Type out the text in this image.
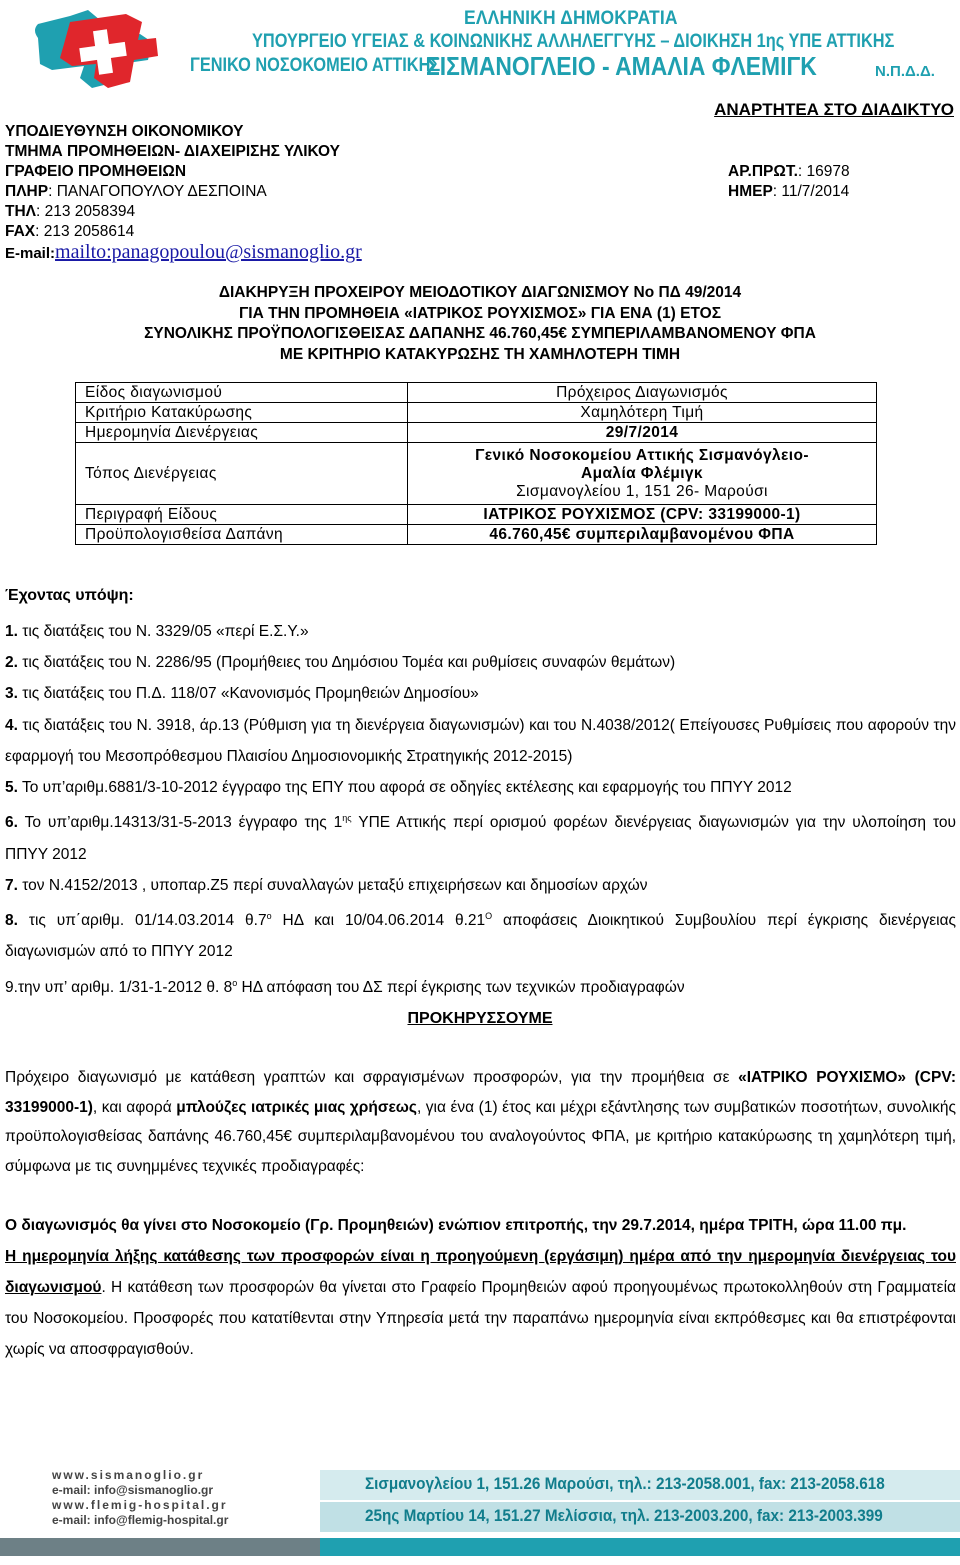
ΕΛΛΗΝΙΚΗ ΔΗΜΟΚΡΑΤΙΑ
ΥΠΟΥΡΓΕΙΟ ΥΓΕΙΑΣ & ΚΟΙΝΩΝΙΚΗΣ ΑΛΛΗΛΕΓΓΥΗΣ – ΔΙΟΙΚΗΣΗ 1ης ΥΠΕ ΑΤΤΙΚΗΣ
ΓΕΝΙΚΟ ΝΟΣΟΚΟΜΕΙΟ ΑΤΤΙΚΗΣ
ΣΙΣΜΑΝΟΓΛΕΙΟ - ΑΜΑΛΙΑ ΦΛΕΜΙΓΚ	Ν.Π.Δ.Δ.
ΑΝΑΡΤΗΤΕΑ ΣΤΟ ΔΙΑΔΙΚΤΥΟ
ΥΠΟΔΙΕΥΘΥΝΣΗ ΟΙΚΟΝΟΜΙΚΟΥ
ΤΜΗΜΑ ΠΡΟΜΗΘΕΙΩΝ- ΔΙΑΧΕΙΡΙΣΗΣ ΥΛΙΚΟΥ
ΓΡΑΦΕΙΟ ΠΡΟΜΗΘΕΙΩΝ
ΠΛΗΡ: ΠΑΝΑΓΟΠΟΥΛΟΥ ΔΕΣΠΟΙΝΑ
ΤΗΛ: 213 2058394
FAX: 213 2058614
E-mail:mailto:panagopoulou@sismanoglio.gr
ΑΡ.ΠΡΩΤ.: 16978
ΗΜΕΡ: 11/7/2014
ΔΙΑΚΗΡΥΞΗ ΠΡΟΧΕΙΡΟΥ ΜΕΙΟΔΟΤΙΚΟΥ ΔΙΑΓΩΝΙΣΜΟΥ Νο ΠΔ 49/2014
ΓΙΑ ΤΗΝ ΠΡΟΜΗΘΕΙΑ «ΙΑΤΡΙΚΟΣ ΡΟΥΧΙΣΜΟΣ» ΓΙΑ ΕΝΑ (1) ΕΤΟΣ
ΣΥΝΟΛΙΚΗΣ ΠΡΟΫΠΟΛΟΓΙΣΘΕΙΣΑΣ ΔΑΠΑΝΗΣ 46.760,45€ ΣΥΜΠΕΡΙΛΑΜΒΑΝΟΜΕΝΟΥ ΦΠΑ
ΜΕ ΚΡΙΤΗΡΙΟ ΚΑΤΑΚΥΡΩΣΗΣ ΤΗ ΧΑΜΗΛΟΤΕΡΗ ΤΙΜΗ
Είδος διαγωνισμού	Πρόχειρος Διαγωνισμός
Κριτήριο Κατακύρωσης	Χαμηλότερη Τιμή
Ημερομηνία Διενέργειας	29/7/2014
Τόπος Διενέργειας	Γενικό Νοσοκομείου Αττικής Σισμανόγλειο- Αμαλία Φλέμιγκ
Σισμανογλείου 1, 151 26- Μαρούσι

Περιγραφή Είδους	ΙΑΤΡΙΚΟΣ ΡΟΥΧΙΣΜΟΣ (CPV: 33199000-1)
Προϋπολογισθείσα Δαπάνη	46.760,45€ συμπεριλαμβανομένου ΦΠΑ
Έχοντας υπόψη:

1. τις διατάξεις του Ν. 3329/05 «περί Ε.Σ.Υ.»

2. τις διατάξεις του Ν. 2286/95 (Προμήθειες του Δημόσιου Τομέα και ρυθμίσεις συναφών θεμάτων)

3. τις διατάξεις του Π.Δ. 118/07 «Κανονισμός Προμηθειών Δημοσίου»

4. τις διατάξεις του Ν. 3918, άρ.13 (Ρύθμιση για τη διενέργεια διαγωνισμών) και του Ν.4038/2012( Επείγουσες Ρυθμίσεις που αφορούν την εφαρμογή του Μεσοπρόθεσμου Πλαισίου Δημοσιονομικής Στρατηγικής 2012-2015)

5. Το υπ’αριθμ.6881/3-10-2012 έγγραφο της ΕΠΥ που αφορά σε οδηγίες εκτέλεσης και εφαρμογής του ΠΠΥΥ 2012

6. Το υπ’αριθμ.14313/31-5-2013 έγγραφο της $1^{\eta\varsigma}$ ΥΠΕ Αττικής περί ορισμού φορέων διενέργειας διαγωνισμών για την υλοποίηση του ΠΠΥΥ 2012

7. τον Ν.4152/2013 , υποπαρ.Ζ5 περί συναλλαγών μεταξύ επιχειρήσεων και δημοσίων αρχών

8. τις υπ΄αριθμ. 01/14.03.2014 $\theta.7^o$ ΗΔ και 10/04.06.2014 $\theta.21^O$ αποφάσεις Διοικητικού Συμβουλίου περί έγκρισης διενέργειας διαγωνισμών από το ΠΠΥΥ 2012

9.την υπ’ αριθμ. 1/31-1-2012 θ. $8^o$ ΗΔ απόφαση του ΔΣ περί έγκρισης των τεχνικών προδιαγραφών

ΠΡΟΚΗΡΥΣΣΟΥΜΕ
Πρόχειρο διαγωνισμό με κατάθεση γραπτών και σφραγισμένων προσφορών, για την προμήθεια σε «ΙΑΤΡΙΚΟ ΡΟΥΧΙΣΜΟ» (CPV: 33199000-1), και αφορά μπλούζες ιατρικές μιας χρήσεως, για ένα (1) έτος και μέχρι εξάντλησης των συμβατικών ποσοτήτων, συνολικής προϋπολογισθείσας δαπάνης 46.760,45€ συμπεριλαμβανομένου του αναλογούντος ΦΠΑ, με κριτήριο κατακύρωσης τη χαμηλότερη τιμή, σύμφωνα με τις συνημμένες τεχνικές προδιαγραφές:
Ο διαγωνισμός θα γίνει στο Νοσοκομείο (Γρ. Προμηθειών) ενώπιον επιτροπής, την 29.7.2014, ημέρα ΤΡΙΤΗ, ώρα 11.00 πμ.
Η ημερομηνία λήξης κατάθεσης των προσφορών είναι η προηγούμενη (εργάσιμη) ημέρα από την ημερομηνία διενέργειας του διαγωνισμού. Η κατάθεση των προσφορών θα γίνεται στο Γραφείο Προμηθειών αφού προηγουμένως πρωτοκολληθούν στη Γραμματεία του Νοσοκομείου. Προσφορές που κατατίθενται στην Υπηρεσία μετά την παραπάνω ημερομηνία είναι εκπρόθεσμες και θα επιστρέφονται χωρίς να αποσφραγισθούν.
www.sismanoglio.gr
e-mail: info@sismanoglio.gr
www.flemig-hospital.gr
e-mail: info@flemig-hospital.gr
Σισμανογλείου 1, 151.26 Μαρούσι, τηλ.: 213-2058.001, fax: 213-2058.618
25ης Μαρτίου 14, 151.27 Μελίσσια, τηλ. 213-2003.200, fax: 213-2003.399
